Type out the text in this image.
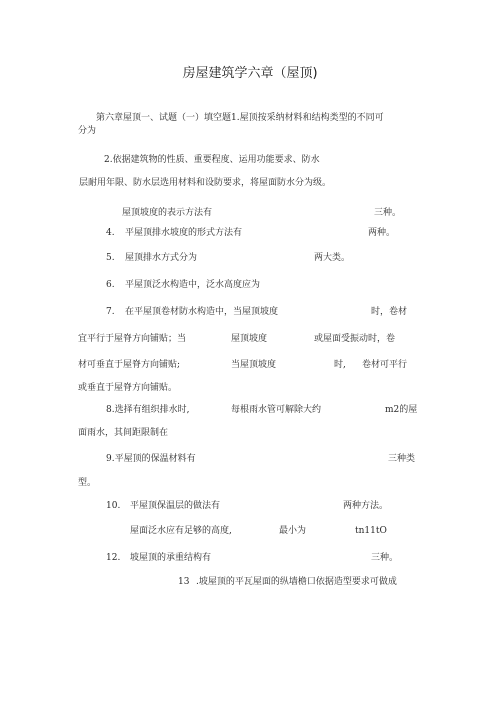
房屋建筑学六章（屋顶)
第六章屋顶一、试题（一）填空题1.屋顶按采纳材料和结构类型的不同可
分为
2.依据建筑物的性质、重要程度、运用功能要求、防水
层耐用年限、防水层选用材料和设防要求，将屋面防水分为级。
屋顶坡度的表示方法有	三种。
4. 平屋顶排水坡度的形式方法有	两种。
5. 屋顶排水方式分为	两大类。
6. 平屋顶泛水构造中，泛水高度应为
7. 在平屋顶卷材防水构造中，当屋顶坡度	时，卷材
宜平行于屋脊方向铺贴；当	屋顶坡度	或屋面受振动时，卷
材可垂直于屋脊方向铺贴;	当屋顶坡度	时, 卷材可平行
或垂直于屋脊方向铺贴。
8.选择有组织排水时,	每根雨水管可解除大约	m2的屋
面雨水，其间距限制在
9.平屋顶的保温材料有	三种类
型。
10. 平屋顶保温层的做法有	两种方法。
屋面泛水应有足够的高度,	最小为	tn11tO
12. 坡屋顶的承重结构有	三种。
13 .坡屋顶的平瓦屋面的纵墙檐口依据造型要求可做成
